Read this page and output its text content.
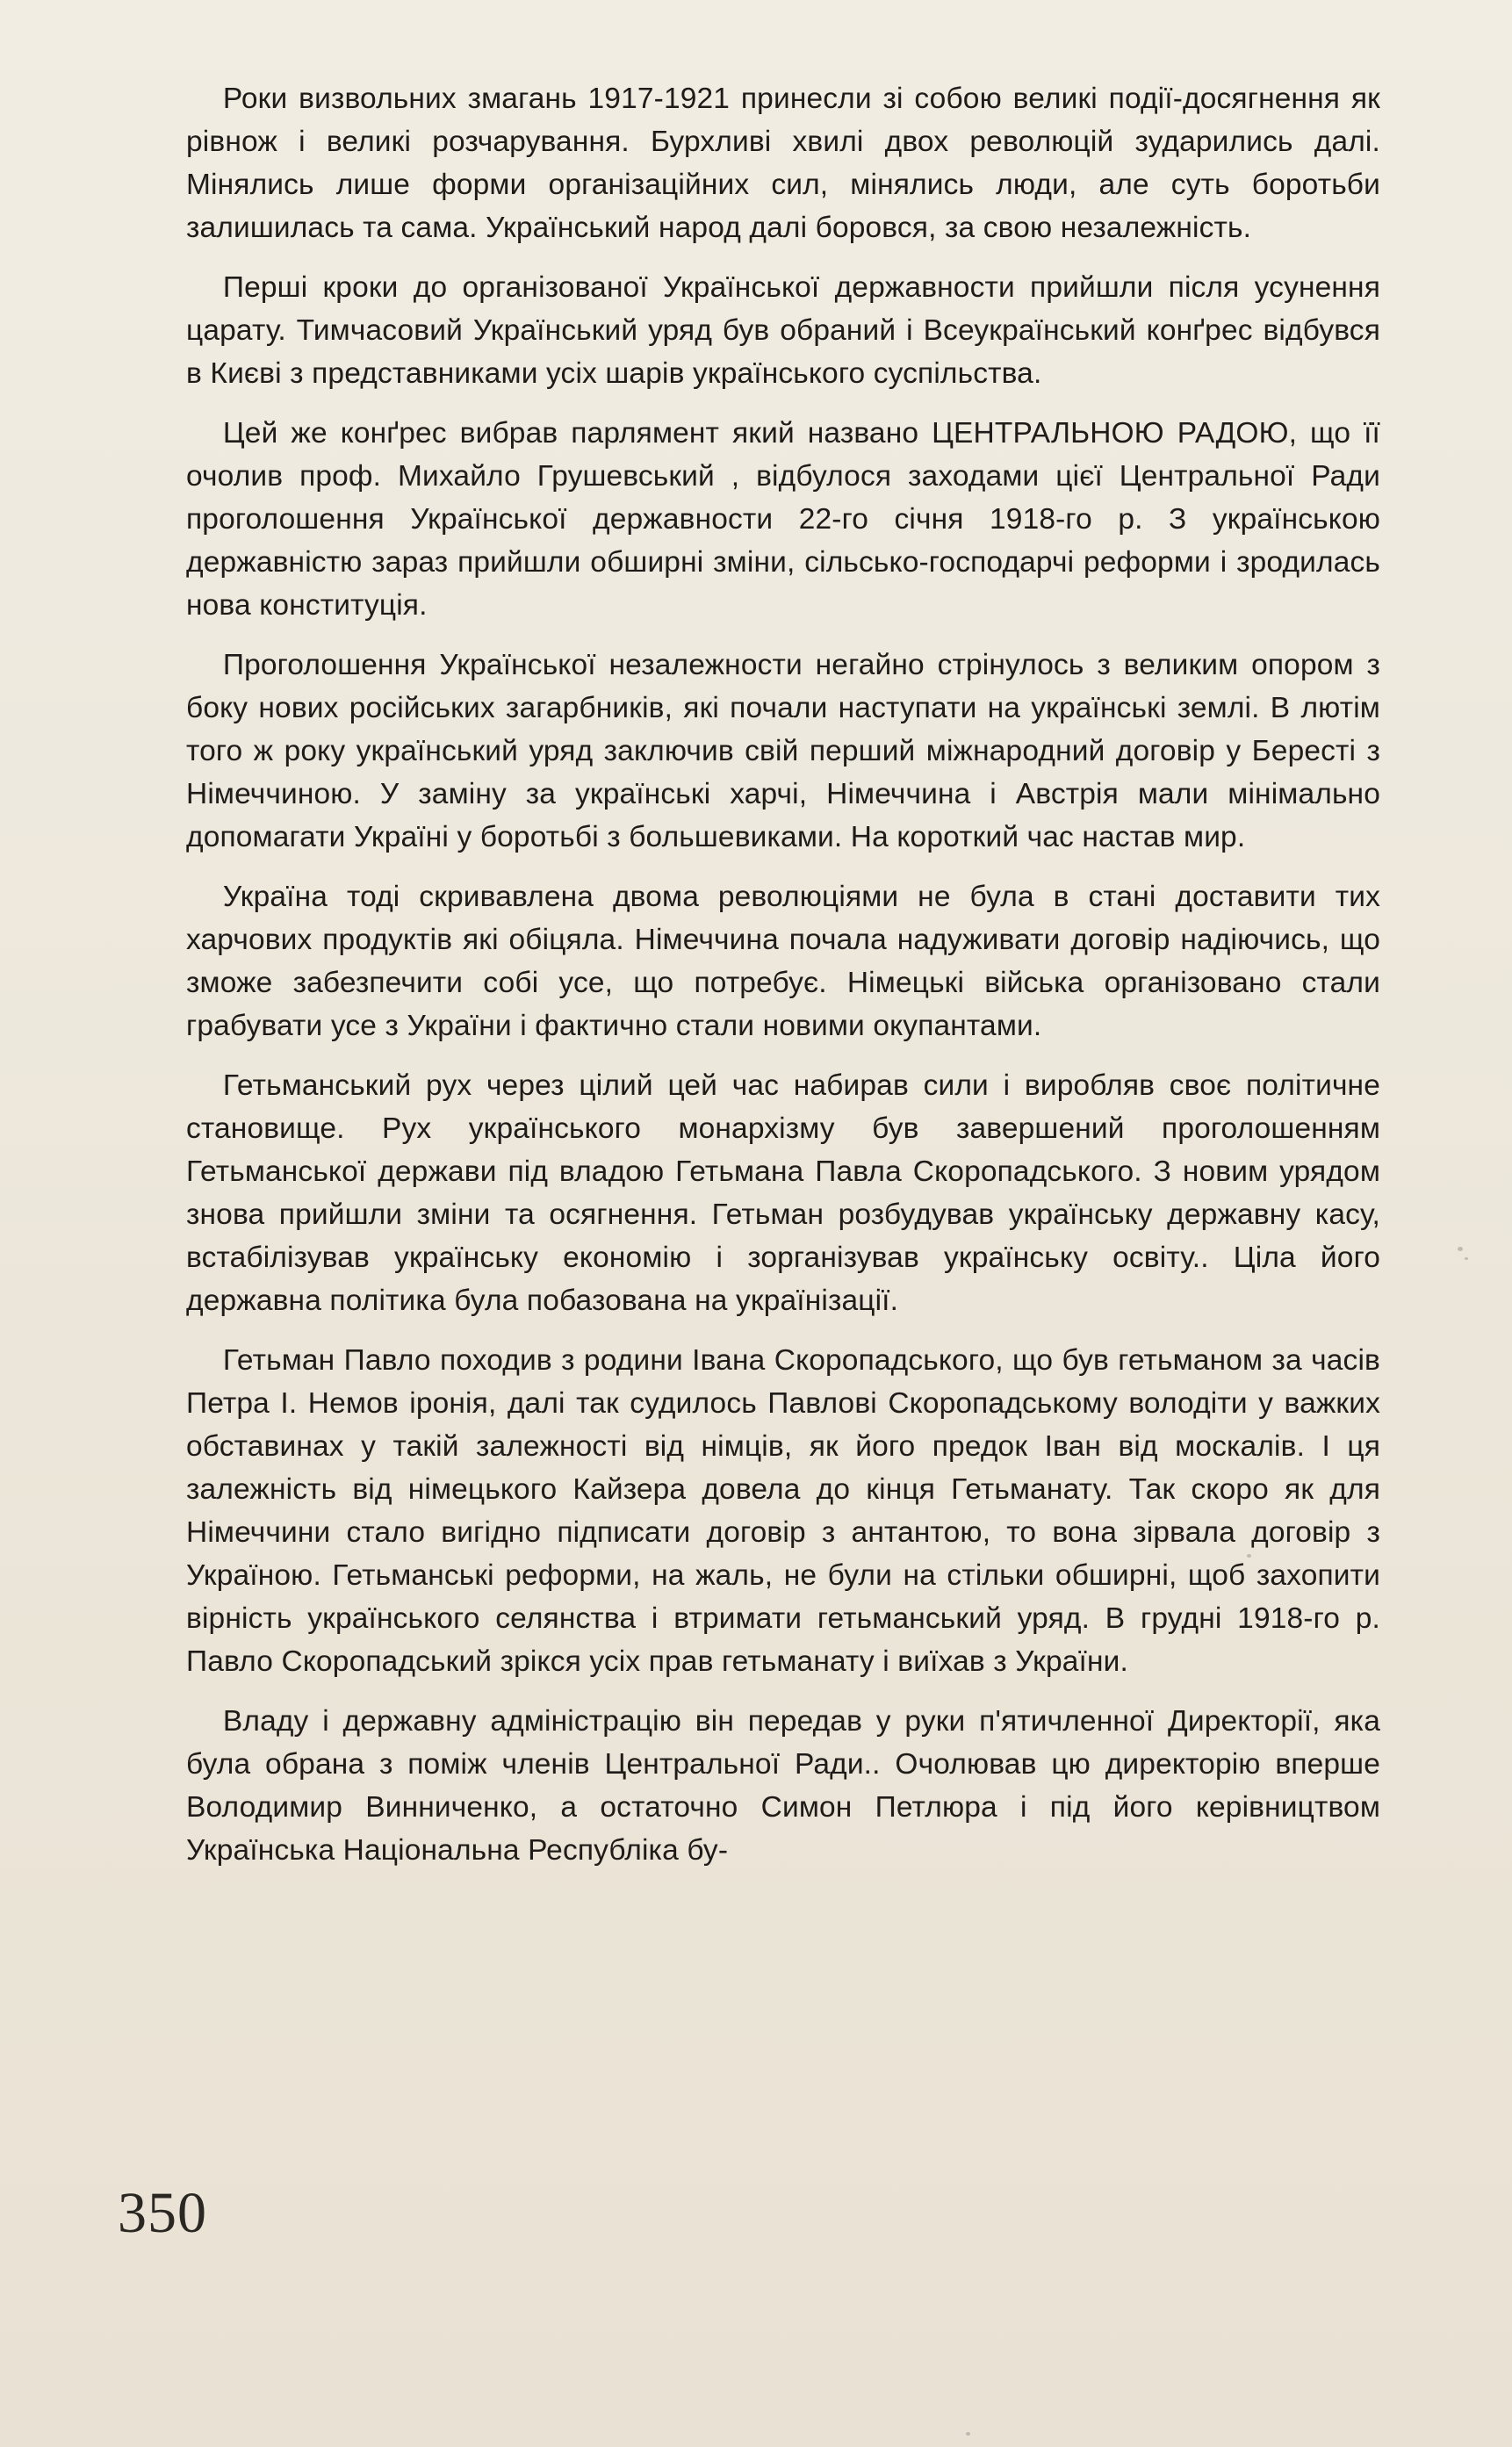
Роки визвольних змагань 1917-1921 принесли зі собою великі події-досягнення як рівнож і великі розчарування. Бурхливі хвилі двох революцій зударились далі. Мінялись лише форми організаційних сил, мінялись люди, але суть боротьби залишилась та сама. Український народ далі боровся, за свою незалежність.

Перші кроки до організованої Української державности прийшли після усунення царату. Тимчасовий Український уряд був обраний і Всеукраїнський конґрес відбувся в Києві з представниками усіх шарів українського суспільства.

Цей же конґрес вибрав парлямент який названо ЦЕНТРАЛЬНОЮ РАДОЮ, що її очолив проф. Михайло Грушевський , відбулося заходами цієї Центральної Ради проголошення Української державности 22-го січня 1918-го р. З українською державністю зараз прийшли обширні зміни, сільсько-господарчі реформи і зродилась нова конституція.

Проголошення Української незалежности негайно стрінулось з великим опором з боку нових російських загарбників, які почали наступати на українські землі. В лютім того ж року український уряд заключив свій перший міжнародний договір у Бересті з Німеччиною. У заміну за українські харчі, Німеччина і Австрія мали мінімально допомагати Україні у боротьбі з большевиками. На короткий час настав мир.

Україна тоді скривавлена двома революціями не була в стані доставити тих харчових продуктів які обіцяла. Німеччина почала надуживати договір надіючись, що зможе забезпечити собі усе, що потребує. Німецькі війська організовано стали грабувати усе з України і фактично стали новими окупантами.

Гетьманський рух через цілий цей час набирав сили і виробляв своє політичне становище. Рух українського монархізму був завершений проголошенням Гетьманської держави під владою Гетьмана Павла Скоропадського. З новим урядом знова прийшли зміни та осягнення. Гетьман розбудував українську державну касу, встабілізував українську економію і зорганізував українську освіту.. Ціла його державна політика була побазована на українізації.

Гетьман Павло походив з родини Івана Скоропадського, що був гетьманом за часів Петра І. Немов іронія, далі так судилось Павлові Скоропадському володіти у важких обставинах у такій залежності від німців, як його предок Іван від москалів. І ця залежність від німецького Кайзера довела до кінця Гетьманату. Так скоро як для Німеччини стало вигідно підписати договір з антантою, то вона зірвала договір з Україною. Гетьманські реформи, на жаль, не були на стільки обширні, щоб захопити вірність українського селянства і втримати гетьманський уряд. В грудні 1918-го р. Павло Скоропадський зрікся усіх прав гетьманату і виїхав з України.

Владу і державну адміністрацію він передав у руки п'ятичленної Директорії, яка була обрана з поміж членів Центральної Ради.. Очолював цю директорію вперше Володимир Винниченко, а остаточно Симон Петлюра і під його керівництвом Українська Національна Республіка бу-

350
